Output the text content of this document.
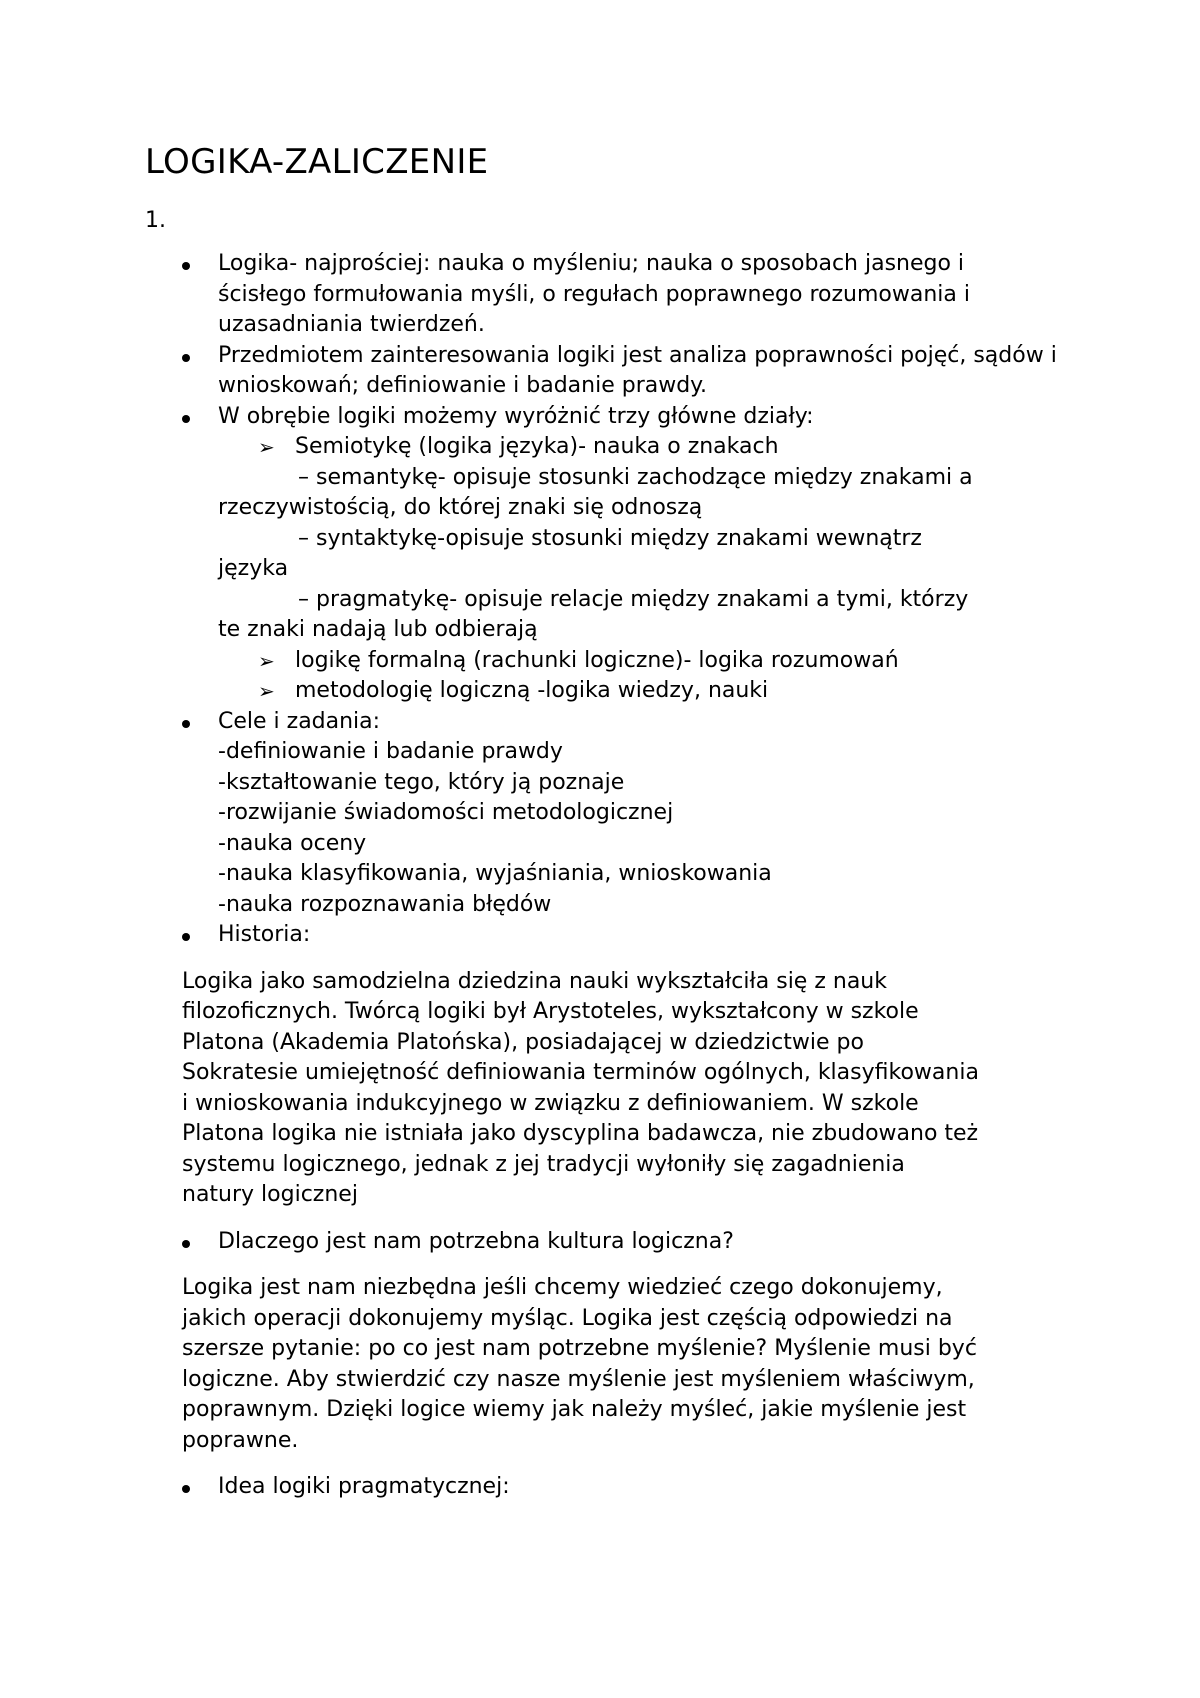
LOGIKA-ZALICZENIE
1.
Logika- najprościej: nauka o myśleniu; nauka o sposobach jasnego i ścisłego formułowania myśli, o regułach poprawnego rozumowania i uzasadniania twierdzeń.
Przedmiotem zainteresowania logiki jest analiza poprawności pojęć, sądów i wnioskowań; definiowanie i badanie prawdy.
W obrębie logiki możemy wyróżnić trzy główne działy:
➢ Semiotykę (logika języka)- nauka o znakach
– semantykę- opisuje stosunki zachodzące między znakami a
rzeczywistością, do której znaki się odnoszą
– syntaktykę-opisuje stosunki między znakami wewnątrz
języka
– pragmatykę- opisuje relacje między znakami a tymi, którzy
te znaki nadają lub odbierają
➢ logikę formalną (rachunki logiczne)- logika rozumowań
➢ metodologię logiczną -logika wiedzy, nauki
Cele i zadania:
-definiowanie i badanie prawdy
-kształtowanie tego, który ją poznaje
-rozwijanie świadomości metodologicznej
-nauka oceny
-nauka klasyfikowania, wyjaśniania, wnioskowania
-nauka rozpoznawania błędów
Historia:
Logika jako samodzielna dziedzina nauki wykształciła się z nauk
filozoficznych. Twórcą logiki był Arystoteles, wykształcony w szkole
Platona (Akademia Platońska), posiadającej w dziedzictwie po
Sokratesie umiejętność definiowania terminów ogólnych, klasyfikowania
i wnioskowania indukcyjnego w związku z definiowaniem. W szkole
Platona logika nie istniała jako dyscyplina badawcza, nie zbudowano też
systemu logicznego, jednak z jej tradycji wyłoniły się zagadnienia
natury logicznej
Dlaczego jest nam potrzebna kultura logiczna?
Logika jest nam niezbędna jeśli chcemy wiedzieć czego dokonujemy,
jakich operacji dokonujemy myśląc. Logika jest częścią odpowiedzi na
szersze pytanie: po co jest nam potrzebne myślenie? Myślenie musi być
logiczne. Aby stwierdzić czy nasze myślenie jest myśleniem właściwym,
poprawnym. Dzięki logice wiemy jak należy myśleć, jakie myślenie jest
poprawne.
Idea logiki pragmatycznej:
